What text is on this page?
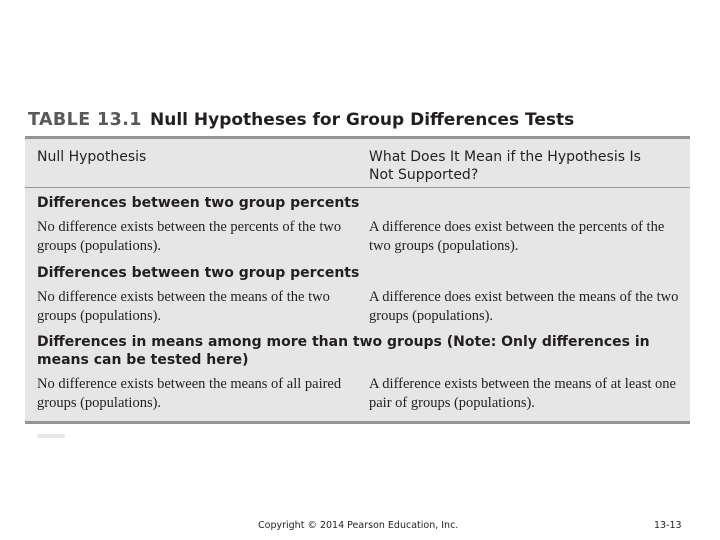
TABLE 13.1 Null Hypotheses for Group Differences Tests
Null Hypothesis	What Does It Mean if the Hypothesis Is Not Supported?
Differences between two group percents
No difference exists between the percents of the two groups (populations).
A difference does exist between the percents of the two groups (populations).
Differences between two group percents
No difference exists between the means of the two groups (populations).
A difference does exist between the means of the two groups (populations).
Differences in means among more than two groups (Note: Only differences in means can be tested here)
No difference exists between the means of all paired groups (populations).
A difference exists between the means of at least one pair of groups (populations).
Copyright © 2014 Pearson Education, Inc.	13-13
